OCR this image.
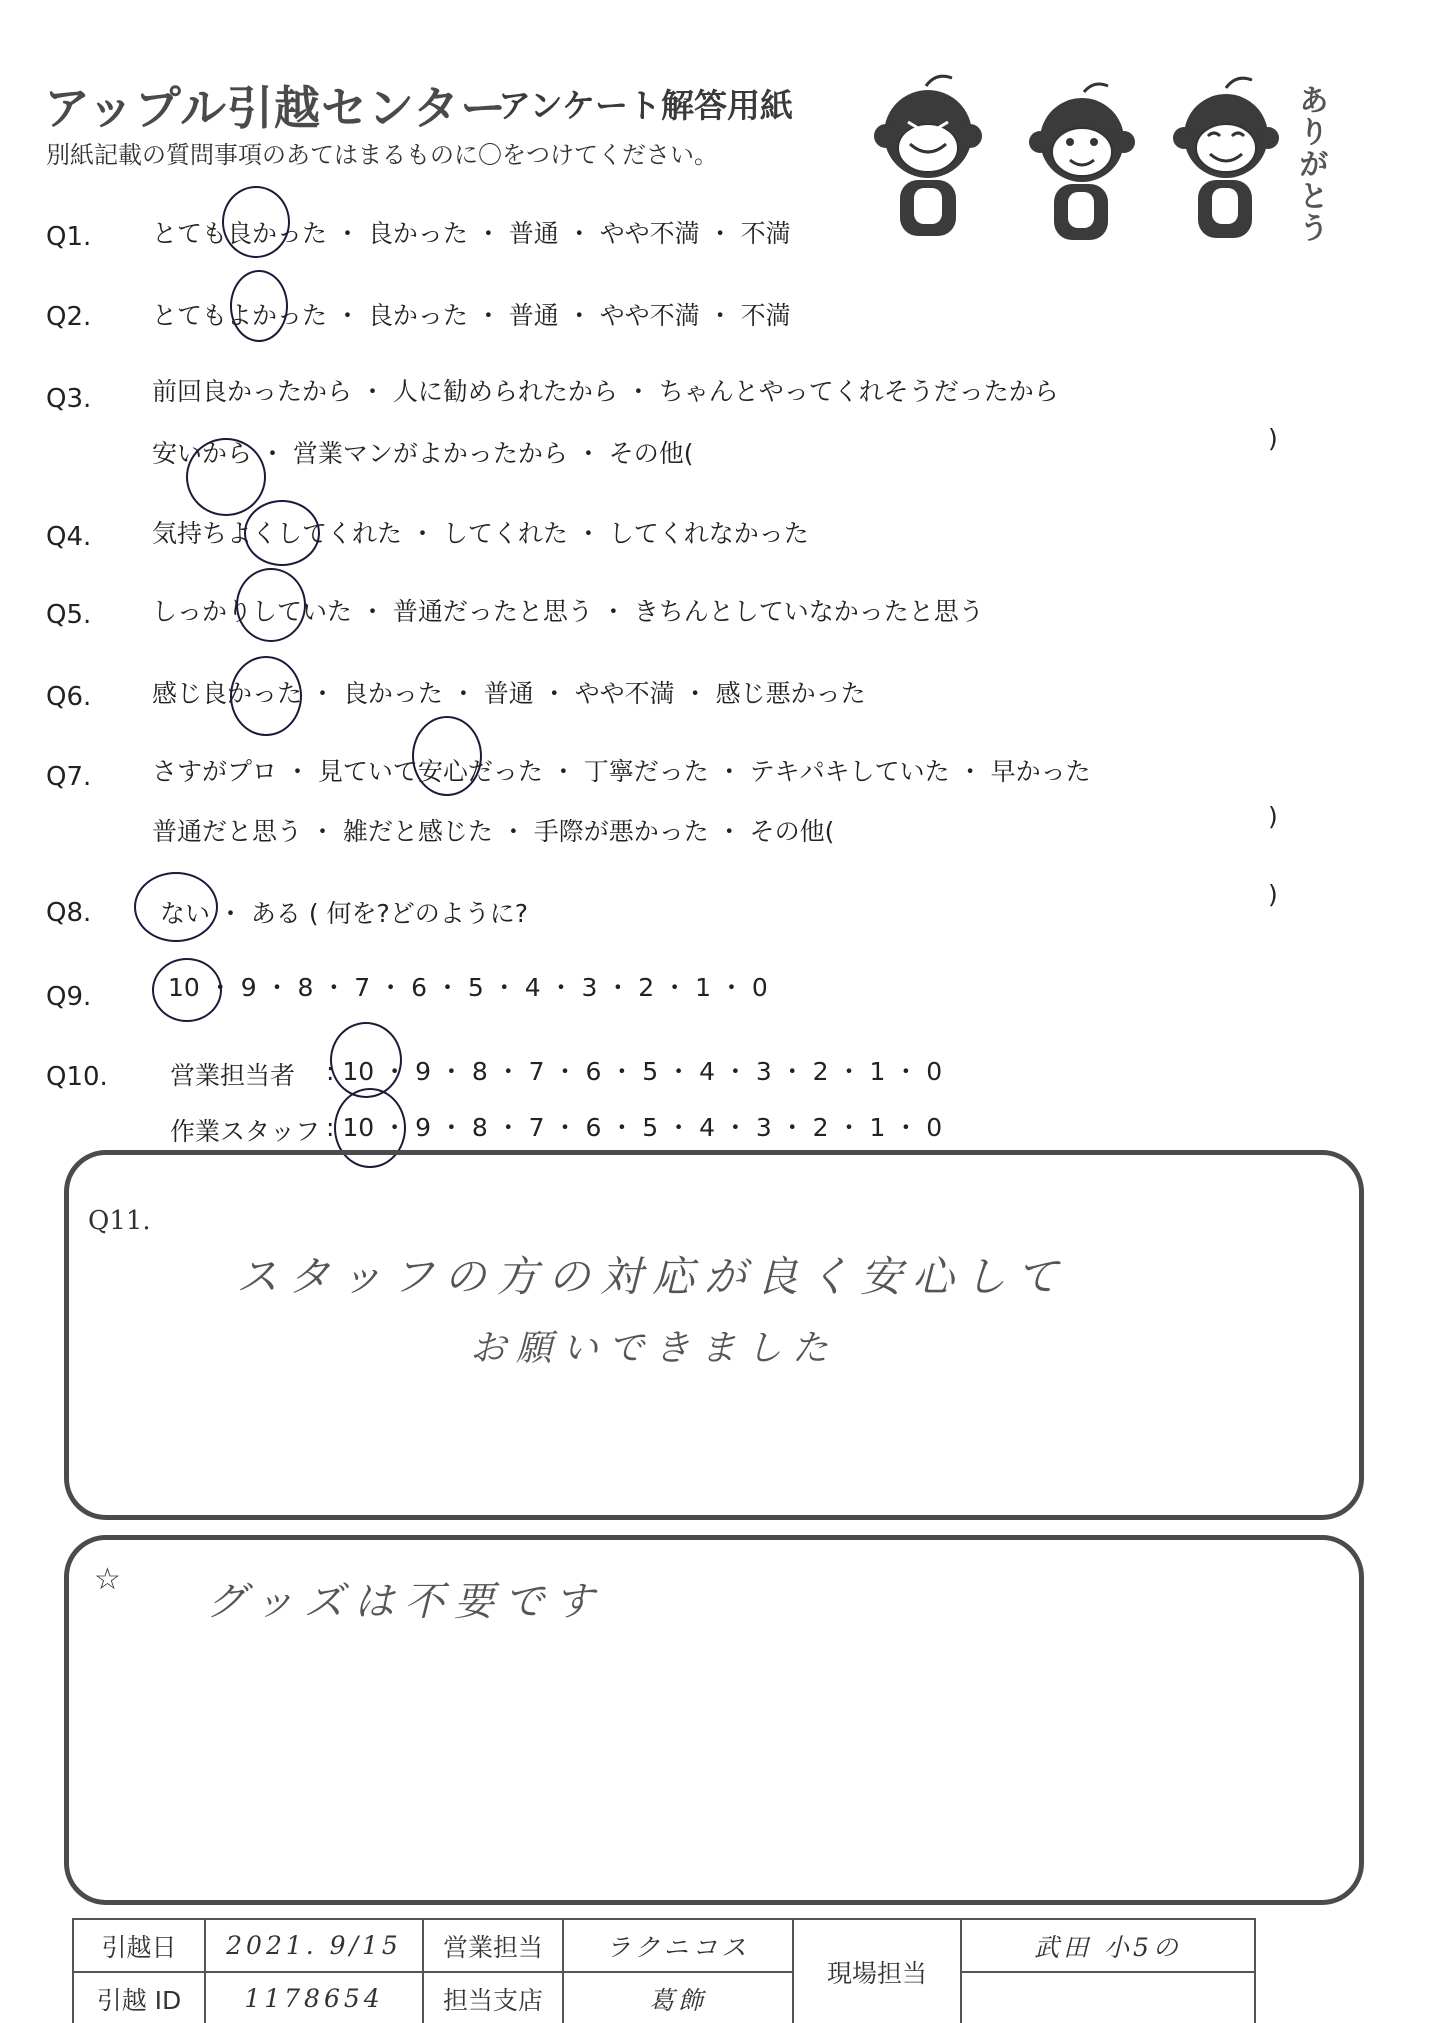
アップル引越センター
アンケート解答用紙
別紙記載の質問事項のあてはまるものに〇をつけてください。	ありがとう
Q1. とても良かった ・ 良かった ・ 普通 ・ やや不満 ・ 不満
Q2. とてもよかった ・ 良かった ・ 普通 ・ やや不満 ・ 不満
Q3. 前回良かったから ・ 人に勧められたから ・ ちゃんとやってくれそうだったから
安いから ・ 営業マンがよかったから ・ その他(
)
Q4. 気持ちよくしてくれた ・ してくれた ・ してくれなかった
Q5. しっかりしていた ・ 普通だったと思う ・ きちんとしていなかったと思う
Q6. 感じ良かった ・ 良かった ・ 普通 ・ やや不満 ・ 感じ悪かった
Q7. さすがプロ ・ 見ていて安心だった ・ 丁寧だった ・ テキパキしていた ・ 早かった
普通だと思う ・ 雑だと感じた ・ 手際が悪かった ・ その他(
)
Q8.	ない ・ ある ( 何を?どのように?
)
Q9.	10 ・ 9 ・ 8 ・ 7 ・ 6 ・ 5 ・ 4 ・ 3 ・ 2 ・ 1 ・ 0
Q10. 営業担当者 : 10 ・ 9 ・ 8 ・ 7 ・ 6 ・ 5 ・ 4 ・ 3 ・ 2 ・ 1 ・ 0
作業スタッフ : 10 ・ 9 ・ 8 ・ 7 ・ 6 ・ 5 ・ 4 ・ 3 ・ 2 ・ 1 ・ 0
Q11.
スタッフの方の対応が良く安心して
お願いできました
☆ グッズは不要です
引越日	2021. 9/15	営業担当	ラクニコス	現場担当	武田 小5の
引越 ID	1178654	担当支店	葛飾		
